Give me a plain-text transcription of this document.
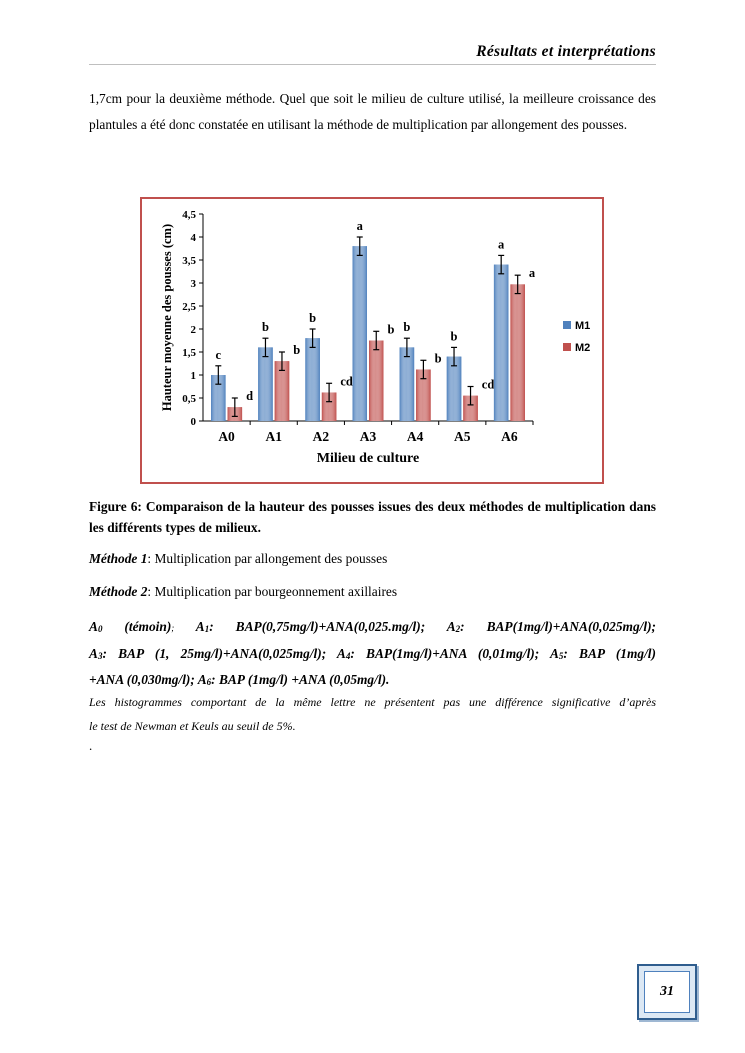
Résultats et interprétations

1,7cm pour la deuxième méthode. Quel que soit le milieu de culture utilisé, la meilleure croissance des plantules a été donc constatée en utilisant la méthode de multiplication par allongement des pousses.

0
0,5
1
1,5
2
2,5
3
3,5
4
4,5
Hauteur moyenne des pousses (cm)	c
d
A0
b
b
A1
b
cd
A2
a
b
A3
b
b
A4
b
cd
A5
a
a
A6
Milieu de culture
M1
M2

Figure 6: Comparaison de la hauteur des pousses issues des deux méthodes de multiplication dans les différents types de milieux.

Méthode 1: Multiplication par allongement des pousses
Méthode 2: Multiplication par bourgeonnement axillaires
$A_0$ (témoin); $A_1$: BAP(0,75mg/l)+ANA(0,025.mg/l); $A_2$: BAP(1mg/l)+ANA(0,025mg/l);
$A_3$: BAP (1, 25mg/l)+ANA(0,025mg/l); $A_4$: BAP(1mg/l)+ANA (0,01mg/l); $A_5$: BAP (1mg/l)
+ANA (0,030mg/l); $A_6$: BAP (1mg/l) +ANA (0,05mg/l).
Les histogrammes comportant de la même lettre ne présentent pas une différence significative d’après
le test de Newman et Keuls au seuil de 5%.
.
31
